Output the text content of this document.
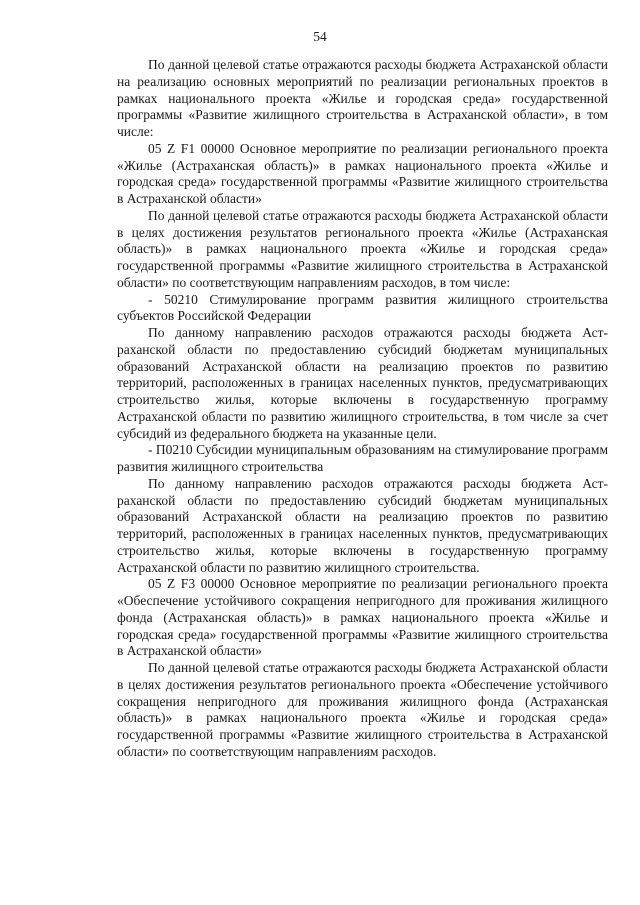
54

По данной целевой статье отражаются расходы бюджета Астраханской области на реализацию основных мероприятий по реализации региональных проектов в рамках национального проекта «Жилье и городская среда» государственной программы «Развитие жилищного строительства в Астраханской области», в том числе:

05 Z F1 00000 Основное мероприятие по реализации регионального проекта «Жилье (Астраханская область)» в рамках национального проекта «Жилье и городская среда» государственной программы «Развитие жилищного строительства в Астраханской области»

По данной целевой статье отражаются расходы бюджета Астраханской области в целях достижения результатов регионального проекта «Жилье (Астраханская область)» в рамках национального проекта «Жилье и городская среда» государственной программы «Развитие жилищного строительства в Астраханской области» по соответствующим направлениям расходов, в том числе:

- 50210 Стимулирование программ развития жилищного строительства субъектов Российской Федерации

По данному направлению расходов отражаются расходы бюджета Астраханской области по предоставлению субсидий бюджетам муниципальных образований Астраханской области на реализацию проектов по развитию территорий, расположенных в границах населенных пунктов, предусматривающих строительство жилья, которые включены в государственную программу Астраханской области по развитию жилищного строительства, в том числе за счет субсидий из федерального бюджета на указанные цели.

- П0210 Субсидии муниципальным образованиям на стимулирование программ развития жилищного строительства

По данному направлению расходов отражаются расходы бюджета Астраханской области по предоставлению субсидий бюджетам муниципальных образований Астраханской области на реализацию проектов по развитию территорий, расположенных в границах населенных пунктов, предусматривающих строительство жилья, которые включены в государственную программу Астраханской области по развитию жилищного строительства.

05 Z F3 00000 Основное мероприятие по реализации регионального проекта «Обеспечение устойчивого сокращения непригодного для проживания жилищного фонда (Астраханская область)» в рамках национального проекта «Жилье и городская среда» государственной программы «Развитие жилищного строительства в Астраханской области»

По данной целевой статье отражаются расходы бюджета Астраханской области в целях достижения результатов регионального проекта «Обеспечение устойчивого сокращения непригодного для проживания жилищного фонда (Астраханская область)» в рамках национального проекта «Жилье и городская среда» государственной программы «Развитие жилищного строительства в Астраханской области» по соответствующим направлениям расходов.
